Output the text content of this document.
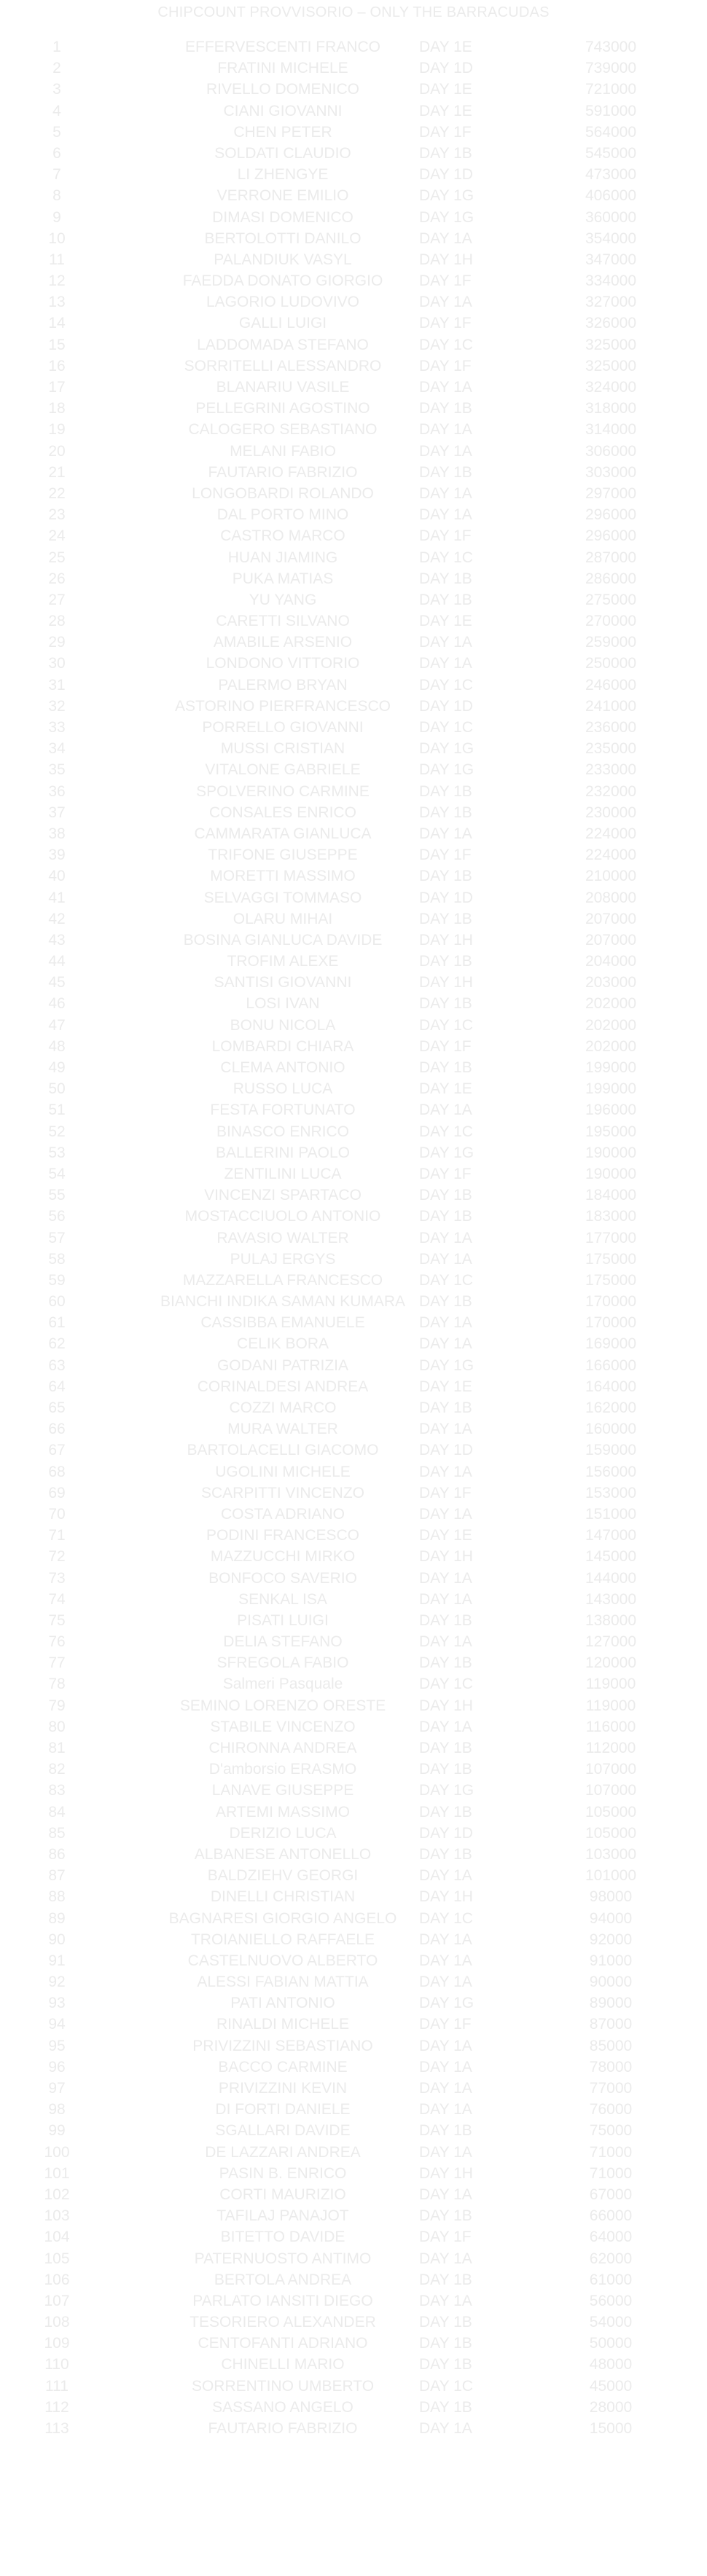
CHIPCOUNT PROVVISORIO – ONLY THE BARRACUDAS
1	EFFERVESCENTI FRANCO	DAY 1E	743000
2	FRATINI MICHELE	DAY 1D	739000
3	RIVELLO DOMENICO	DAY 1E	721000
4	CIANI GIOVANNI	DAY 1E	591000
5	CHEN PETER	DAY 1F	564000
6	SOLDATI CLAUDIO	DAY 1B	545000
7	LI ZHENGYE	DAY 1D	473000
8	VERRONE EMILIO	DAY 1G	406000
9	DIMASI DOMENICO	DAY 1G	360000
10	BERTOLOTTI DANILO	DAY 1A	354000
11	PALANDIUK VASYL	DAY 1H	347000
12	FAEDDA DONATO GIORGIO	DAY 1F	334000
13	LAGORIO LUDOVIVO	DAY 1A	327000
14	GALLI LUIGI	DAY 1F	326000
15	LADDOMADA STEFANO	DAY 1C	325000
16	SORRITELLI ALESSANDRO	DAY 1F	325000
17	BLANARIU VASILE	DAY 1A	324000
18	PELLEGRINI AGOSTINO	DAY 1B	318000
19	CALOGERO SEBASTIANO	DAY 1A	314000
20	MELANI FABIO	DAY 1A	306000
21	FAUTARIO FABRIZIO	DAY 1B	303000
22	LONGOBARDI ROLANDO	DAY 1A	297000
23	DAL PORTO MINO	DAY 1A	296000
24	CASTRO MARCO	DAY 1F	296000
25	HUAN JIAMING	DAY 1C	287000
26	PUKA MATIAS	DAY 1B	286000
27	YU YANG	DAY 1B	275000
28	CARETTI SILVANO	DAY 1E	270000
29	AMABILE ARSENIO	DAY 1A	259000
30	LONDONO VITTORIO	DAY 1A	250000
31	PALERMO BRYAN	DAY 1C	246000
32	ASTORINO PIERFRANCESCO	DAY 1D	241000
33	PORRELLO GIOVANNI	DAY 1C	236000
34	MUSSI CRISTIAN	DAY 1G	235000
35	VITALONE GABRIELE	DAY 1G	233000
36	SPOLVERINO CARMINE	DAY 1B	232000
37	CONSALES ENRICO	DAY 1B	230000
38	CAMMARATA GIANLUCA	DAY 1A	224000
39	TRIFONE GIUSEPPE	DAY 1F	224000
40	MORETTI MASSIMO	DAY 1B	210000
41	SELVAGGI TOMMASO	DAY 1D	208000
42	OLARU MIHAI	DAY 1B	207000
43	BOSINA GIANLUCA DAVIDE	DAY 1H	207000
44	TROFIM ALEXE	DAY 1B	204000
45	SANTISI GIOVANNI	DAY 1H	203000
46	LOSI IVAN	DAY 1B	202000
47	BONU NICOLA	DAY 1C	202000
48	LOMBARDI CHIARA	DAY 1F	202000
49	CLEMA ANTONIO	DAY 1B	199000
50	RUSSO LUCA	DAY 1E	199000
51	FESTA FORTUNATO	DAY 1A	196000
52	BINASCO ENRICO	DAY 1C	195000
53	BALLERINI PAOLO	DAY 1G	190000
54	ZENTILINI LUCA	DAY 1F	190000
55	VINCENZI SPARTACO	DAY 1B	184000
56	MOSTACCIUOLO ANTONIO	DAY 1B	183000
57	RAVASIO WALTER	DAY 1A	177000
58	PULAJ ERGYS	DAY 1A	175000
59	MAZZARELLA FRANCESCO	DAY 1C	175000
60	BIANCHI INDIKA SAMAN KUMARA DAY 1B	170000
61	CASSIBBA EMANUELE	DAY 1A	170000
62	CELIK BORA	DAY 1A	169000
63	GODANI PATRIZIA	DAY 1G	166000
64	CORINALDESI ANDREA	DAY 1E	164000
65	COZZI MARCO	DAY 1B	162000
66	MURA WALTER	DAY 1A	160000
67	BARTOLACELLI GIACOMO	DAY 1D	159000
68	UGOLINI MICHELE	DAY 1A	156000
69	SCARPITTI VINCENZO	DAY 1F	153000
70	COSTA ADRIANO	DAY 1A	151000
71	PODINI FRANCESCO	DAY 1E	147000
72	MAZZUCCHI MIRKO	DAY 1H	145000
73	BONFOCO SAVERIO	DAY 1A	144000
74	SENKAL ISA	DAY 1A	143000
75	PISATI LUIGI	DAY 1B	138000
76	DELIA STEFANO	DAY 1A	127000
77	SFREGOLA FABIO	DAY 1B	120000
78	Salmeri Pasquale	DAY 1C	119000
79	SEMINO LORENZO ORESTE	DAY 1H	119000
80	STABILE VINCENZO	DAY 1A	116000
81	CHIRONNA ANDREA	DAY 1B	112000
82	D'amborsio ERASMO	DAY 1B	107000
83	LANAVE GIUSEPPE	DAY 1G	107000
84	ARTEMI MASSIMO	DAY 1B	105000
85	DERIZIO LUCA	DAY 1D	105000
86	ALBANESE ANTONELLO	DAY 1B	103000
87	BALDZIEHV GEORGI	DAY 1A	101000
88	DINELLI CHRISTIAN	DAY 1H	98000
89	BAGNARESI GIORGIO ANGELO	DAY 1C	94000
90	TROIANIELLO RAFFAELE	DAY 1A	92000
91	CASTELNUOVO ALBERTO	DAY 1A	91000
92	ALESSI FABIAN MATTIA	DAY 1A	90000
93	PATI ANTONIO	DAY 1G	89000
94	RINALDI MICHELE	DAY 1F	87000
95	PRIVIZZINI SEBASTIANO	DAY 1A	85000
96	BACCO CARMINE	DAY 1A	78000
97	PRIVIZZINI KEVIN	DAY 1A	77000
98	DI FORTI DANIELE	DAY 1A	76000
99	SGALLARI DAVIDE	DAY 1B	75000
100	DE LAZZARI ANDREA	DAY 1A	71000
101	PASIN B. ENRICO	DAY 1H	71000
102	CORTI MAURIZIO	DAY 1A	67000
103	TAFILAJ PANAJOT	DAY 1B	66000
104	BITETTO DAVIDE	DAY 1F	64000
105	PATERNUOSTO ANTIMO	DAY 1A	62000
106	BERTOLA ANDREA	DAY 1B	61000
107	PARLATO IANSITI DIEGO	DAY 1A	56000
108	TESORIERO ALEXANDER	DAY 1B	54000
109	CENTOFANTI ADRIANO	DAY 1B	50000
110	CHINELLI MARIO	DAY 1B	48000
111	SORRENTINO UMBERTO	DAY 1C	45000
112	SASSANO ANGELO	DAY 1B	28000
113	FAUTARIO FABRIZIO	DAY 1A	15000
